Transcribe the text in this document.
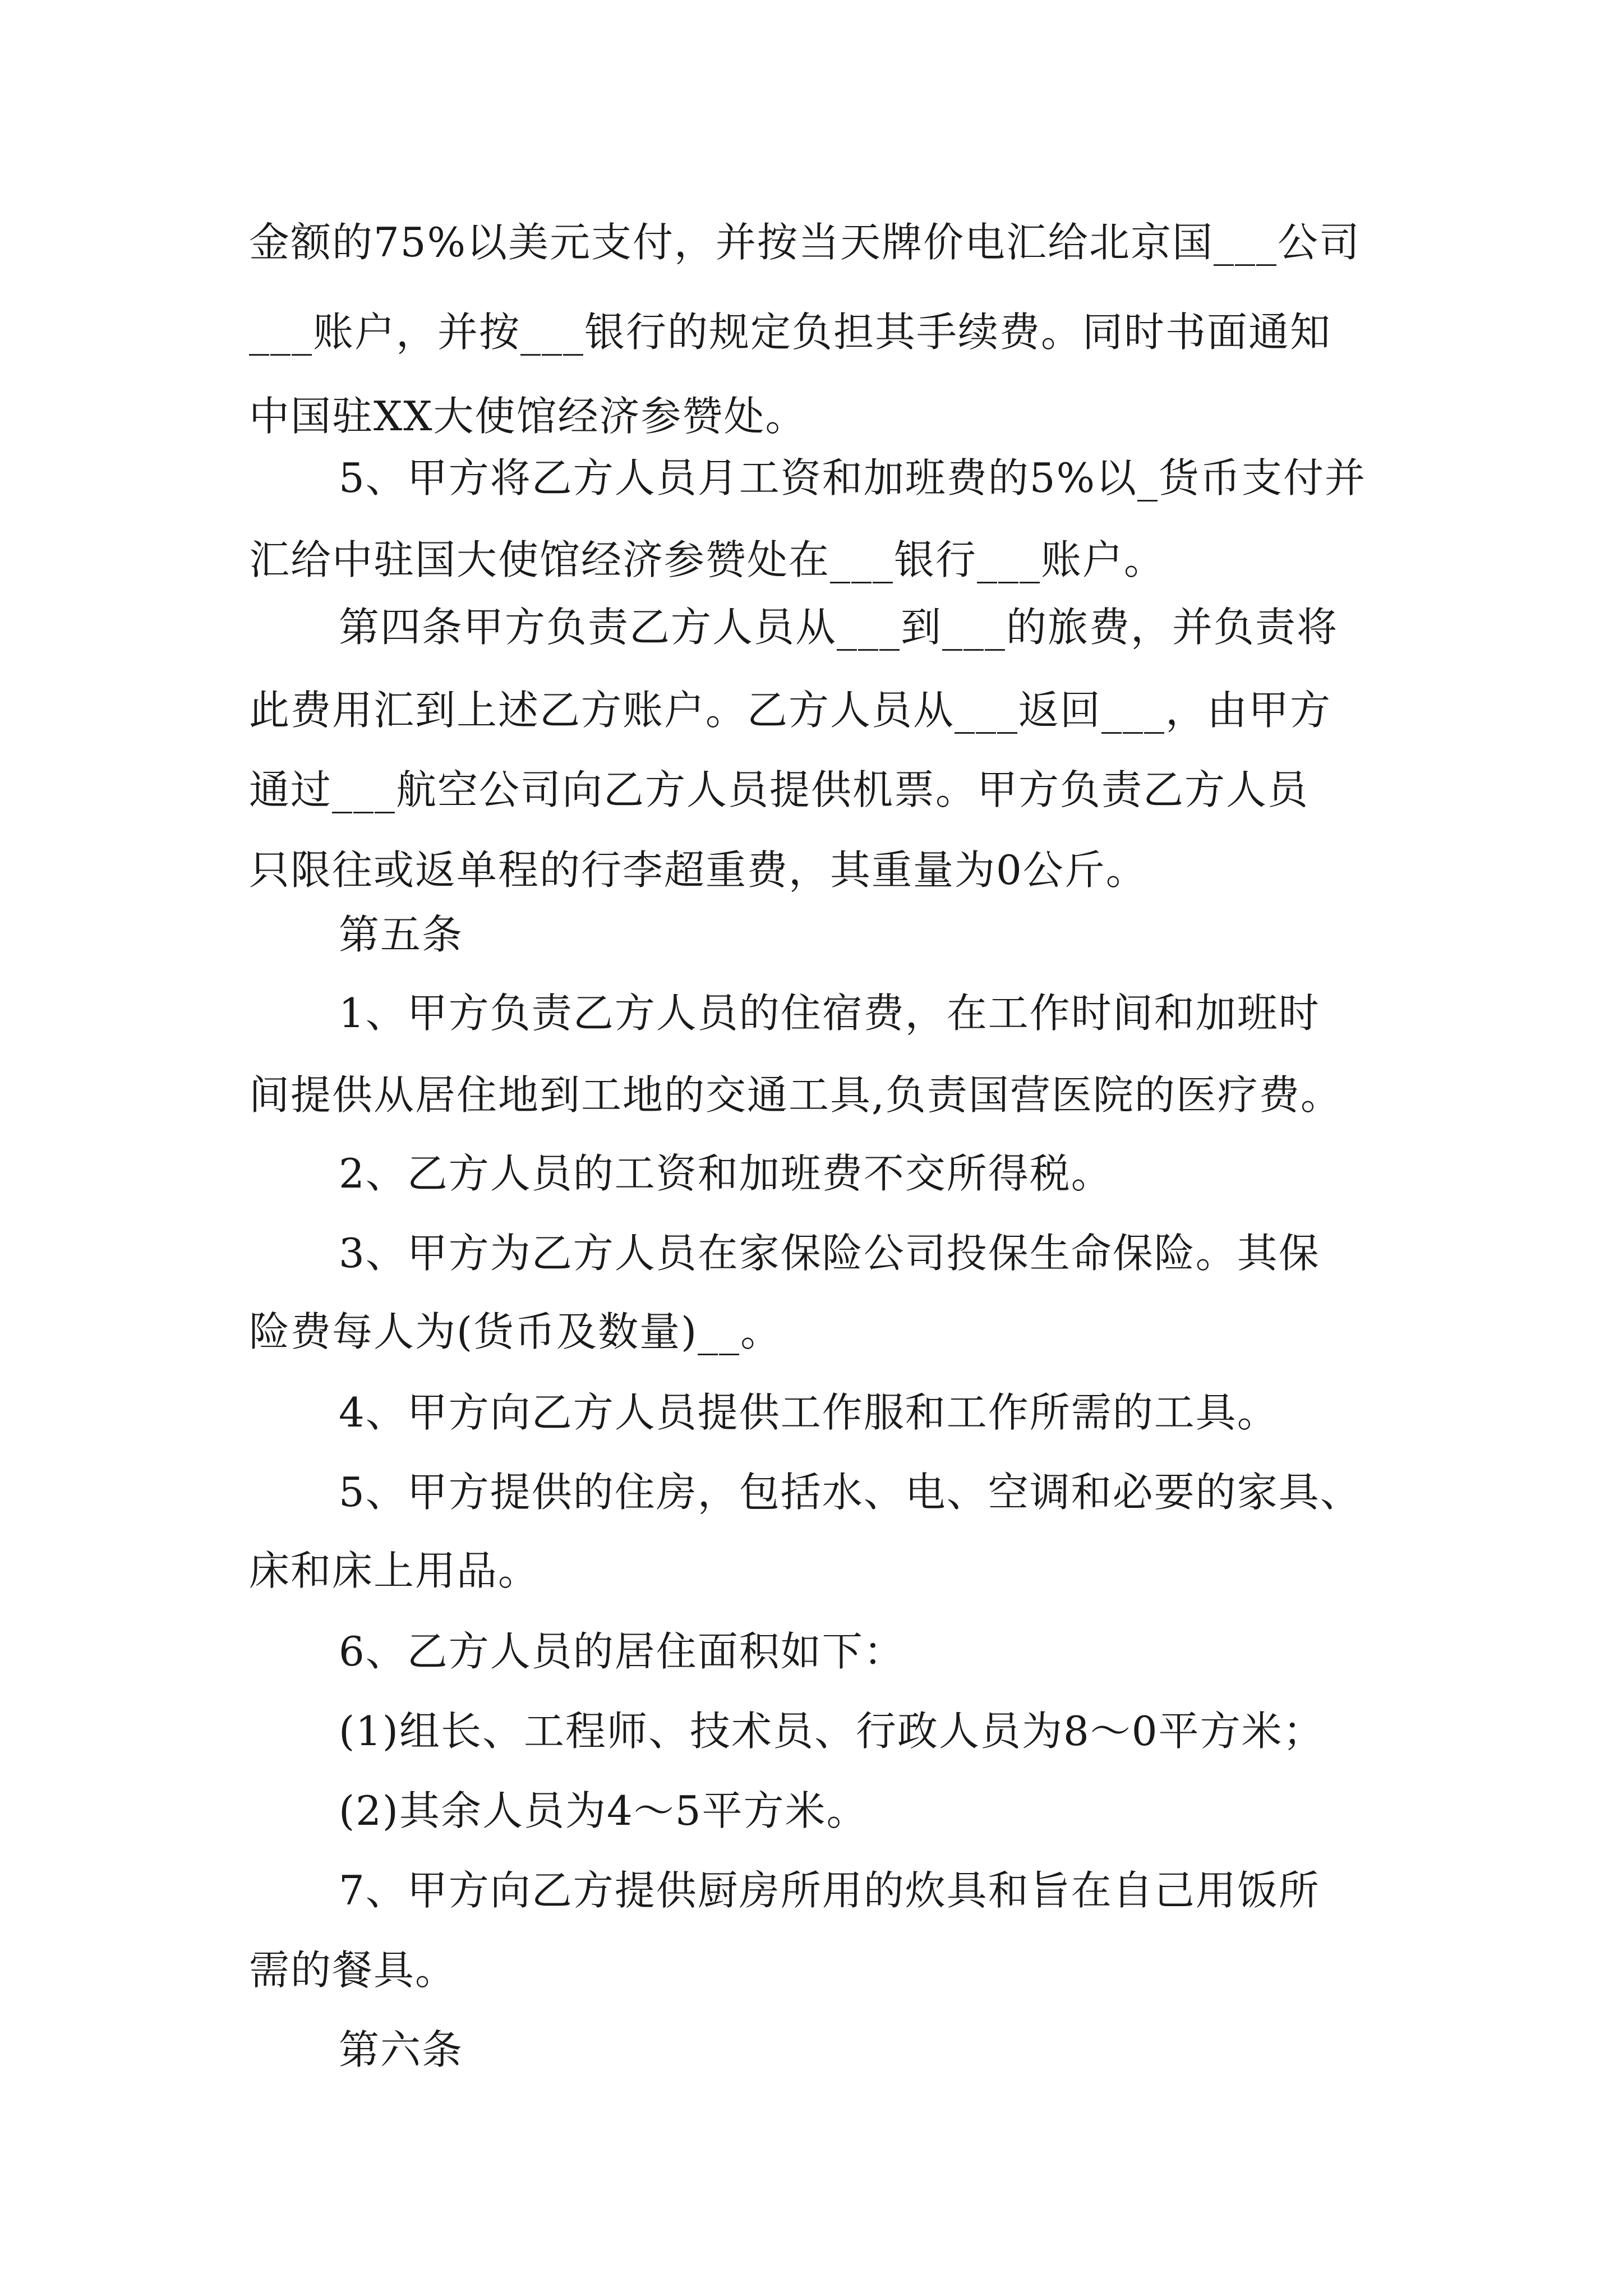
金额的75%以美元支付，并按当天牌价电汇给北京国___公司
___账户，并按___银行的规定负担其手续费。同时书面通知
中国驻XX大使馆经济参赞处。
5、甲方将乙方人员月工资和加班费的5%以_货币支付并
汇给中驻国大使馆经济参赞处在___银行___账户。
第四条甲方负责乙方人员从___到___的旅费，并负责将
此费用汇到上述乙方账户。乙方人员从___返回___，由甲方
通过___航空公司向乙方人员提供机票。甲方负责乙方人员
只限往或返单程的行李超重费，其重量为0公斤。
第五条
1、甲方负责乙方人员的住宿费，在工作时间和加班时
间提供从居住地到工地的交通工具,负责国营医院的医疗费。
2、乙方人员的工资和加班费不交所得税。
3、甲方为乙方人员在家保险公司投保生命保险。其保
险费每人为(货币及数量)__。
4、甲方向乙方人员提供工作服和工作所需的工具。
5、甲方提供的住房，包括水、电、空调和必要的家具、
床和床上用品。
6、乙方人员的居住面积如下：
(1)组长、工程师、技术员、行政人员为8～0平方米；
(2)其余人员为4～5平方米。
7、甲方向乙方提供厨房所用的炊具和旨在自己用饭所
需的餐具。
第六条
